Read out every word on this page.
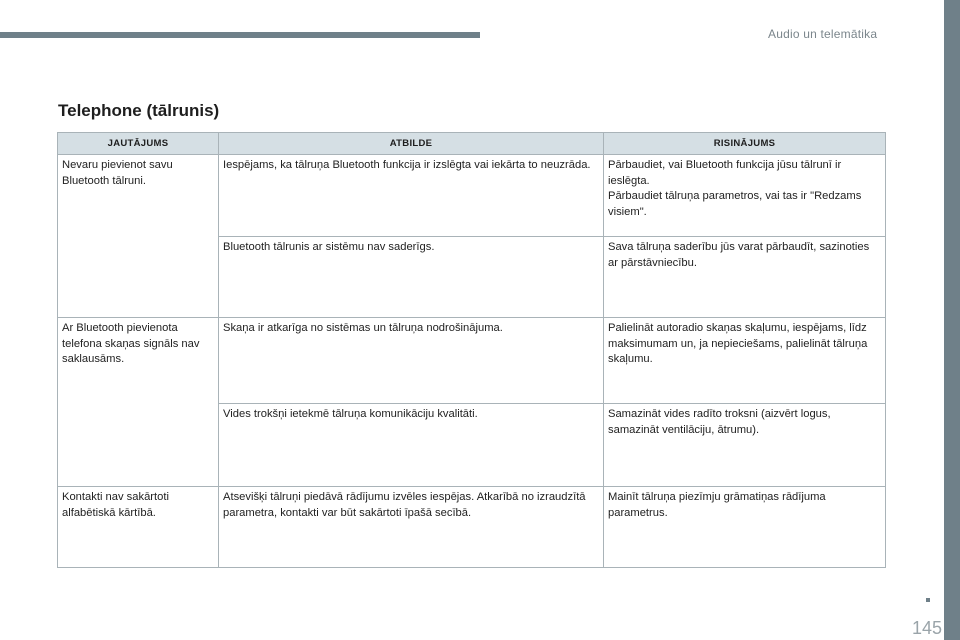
Audio un telemātika
Telephone (tālrunis)
JAUTĀJUMS	ATBILDE	RISINĀJUMS
Nevaru pievienot savu Bluetooth tālruni.	Iespējams, ka tālruņa Bluetooth funkcija ir izslēgta vai iekārta to neuzrāda.	Pārbaudiet, vai Bluetooth funkcija jūsu tālrunī ir ieslēgta.
Pārbaudiet tālruņa parametros, vai tas ir "Redzams visiem".

	Bluetooth tālrunis ar sistēmu nav saderīgs.	Sava tālruņa saderību jūs varat pārbaudīt, sazinoties ar pārstāvniecību.
Ar Bluetooth pievienota telefona skaņas signāls nav saklausāms.	Skaņa ir atkarīga no sistēmas un tālruņa nodrošinājuma.	Palielināt autoradio skaņas skaļumu, iespējams, līdz maksimumam un, ja nepieciešams, palielināt tālruņa skaļumu.
	Vides trokšņi ietekmē tālruņa komunikāciju kvalitāti.	Samazināt vides radīto troksni (aizvērt logus, samazināt ventilāciju, ātrumu).
Kontakti nav sakārtoti alfabētiskā kārtībā.	Atsevišķi tālruņi piedāvā rādījumu izvēles iespējas. Atkarībā no izraudzītā parametra, kontakti var būt sakārtoti īpašā secībā.	Mainīt tālruņa piezīmju grāmatiņas rādījuma parametrus.
145
